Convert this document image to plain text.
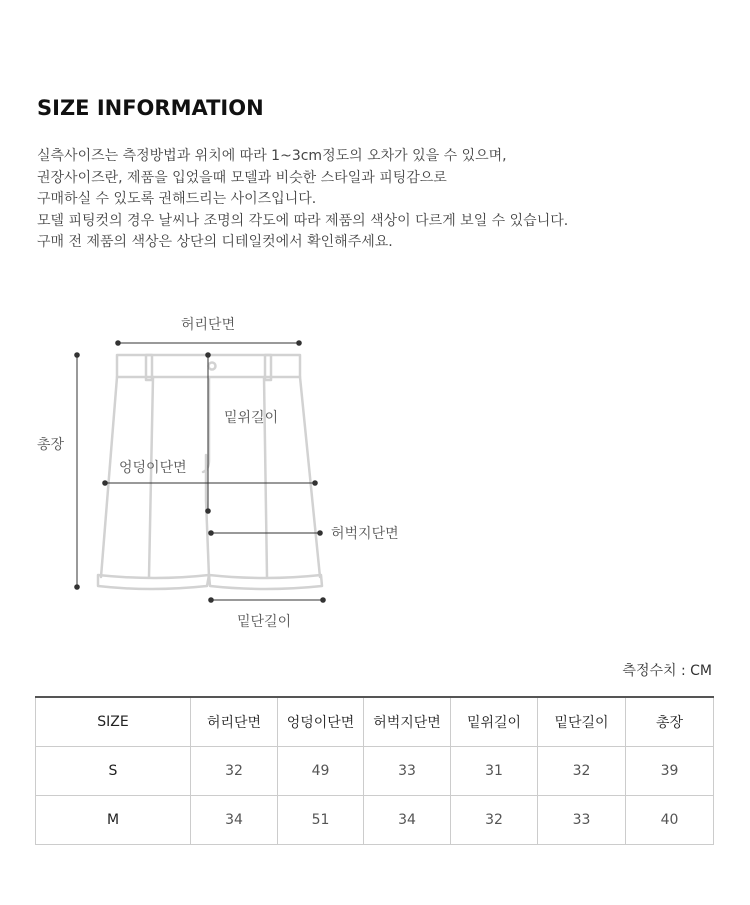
SIZE INFORMATION
실측사이즈는 측정방법과 위치에 따라 1~3cm정도의 오차가 있을 수 있으며,
권장사이즈란, 제품을 입었을때 모델과 비슷한 스타일과 피팅감으로
구매하실 수 있도록 권해드리는 사이즈입니다.
모델 피팅컷의 경우 날씨나 조명의 각도에 따라 제품의 색상이 다르게 보일 수 있습니다.
구매 전 제품의 색상은 상단의 디테일컷에서 확인해주세요.
허리단면
총장
밑위길이
엉덩이단면
허벅지단면
밑단길이
측정수치 : CM
SIZE	허리단면	엉덩이단면	허벅지단면	밑위길이	밑단길이	총장
S	32	49	33	31	32	39
M	34	51	34	32	33	40
